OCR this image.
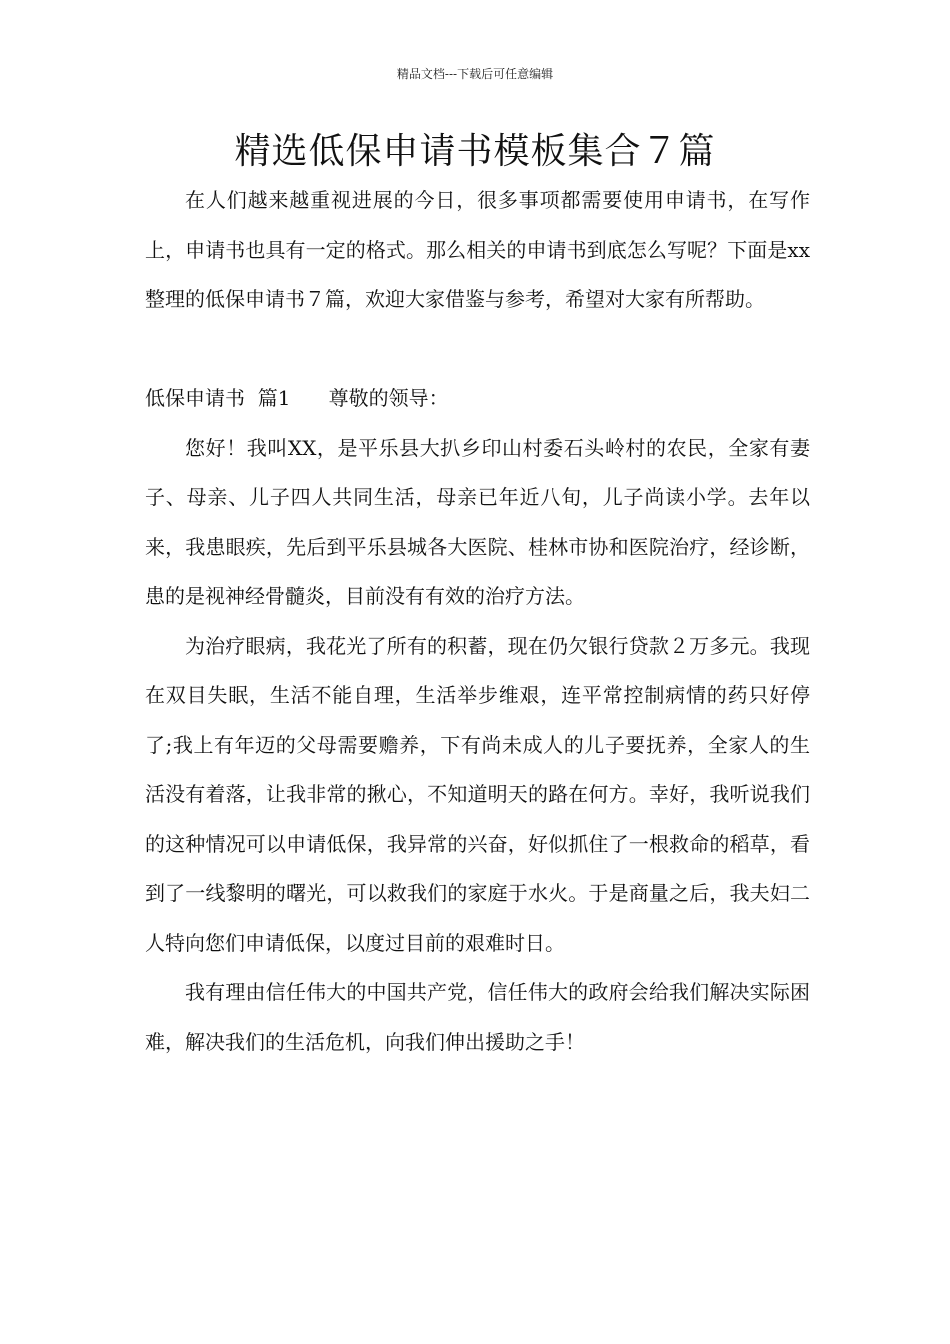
精品文档---下载后可任意编辑
精选低保申请书模板集合７篇

在人们越来越重视进展的今日，很多事项都需要使用申请书，在写作上，申请书也具有一定的格式。那么相关的申请书到底怎么写呢？下面是xx整理的低保申请书７篇，欢迎大家借鉴与参考，希望对大家有所帮助。

低保申请书  篇1 尊敬的领导：

您好！我叫XX，是平乐县大扒乡印山村委石头岭村的农民，全家有妻子、母亲、儿子四人共同生活，母亲已年近八旬，儿子尚读小学。去年以来，我患眼疾，先后到平乐县城各大医院、桂林市协和医院治疗，经诊断，患的是视神经骨髓炎，目前没有有效的治疗方法。

为治疗眼病，我花光了所有的积蓄，现在仍欠银行贷款２万多元。我现在双目失眠，生活不能自理，生活举步维艰，连平常控制病情的药只好停了;我上有年迈的父母需要赡养，下有尚未成人的儿子要抚养，全家人的生活没有着落，让我非常的揪心，不知道明天的路在何方。幸好，我听说我们的这种情况可以申请低保，我异常的兴奋，好似抓住了一根救命的稻草，看到了一线黎明的曙光，可以救我们的家庭于水火。于是商量之后，我夫妇二人特向您们申请低保，以度过目前的艰难时日。

我有理由信任伟大的中国共产党，信任伟大的政府会给我们解决实际困难，解决我们的生活危机，向我们伸出援助之手！
